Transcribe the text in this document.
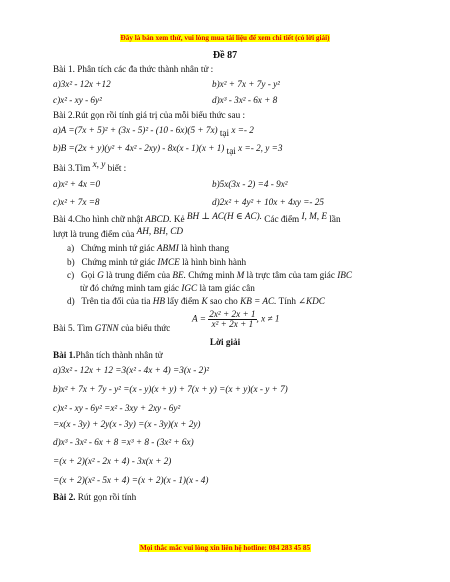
Đây là bản xem thử, vui lòng mua tài liệu để xem chi tiết (có lời giải)
Đề 87
Bài 1. Phân tích các đa thức thành nhân tử :
a)3x² - 12x +12	b)x² + 7x + 7y - y²
c)x² - xy - 6y²	d)x³ - 3x² - 6x + 8
Bài 2.Rút gọn rồi tính giá trị của mỗi biểu thức sau :
a)A =(7x + 5)² + (3x - 5)² - (10 - 6x)(5 + 7x) tại x =- 2
b)B =(2x + y)(y² + 4x² - 2xy) - 8x(x - 1)(x + 1) tại x =- 2, y =3
Bài 3.Tìm x, y biết :
a)x² + 4x =0	b)5x(3x - 2) =4 - 9x²
c)x² + 7x =8	d)2x² + 4y² + 10x + 4xy =- 25
Bài 4.Cho hình chữ nhật ABCD. Kẻ BH ⊥ AC(H ∈ AC). Các điểm I, M, E lần
lượt là trung điểm của AH, BH, CD
a) Chứng minh tứ giác ABMI là hình thang
b) Chứng minh tứ giác IMCE là hình bình hành
c) Gọi G là trung điểm của BE. Chứng minh M là trực tâm của tam giác IBC
từ đó chứng minh tam giác IGC là tam giác cân
d) Trên tia đối của tia HB lấy điểm K sao cho KB = AC. Tính ∠KDC
Bài 5. Tìm GTNN của biểu thức
$A = \frac{\text{2x² + 2x + 1}}{\text{x² + 2x + 1}}$ , x ≠ 1
Lời giải
Bài 1.Phân tích thành nhân tử
a)3x² - 12x + 12 =3(x² - 4x + 4) =3(x - 2)²
b)x² + 7x + 7y - y² =(x - y)(x + y) + 7(x + y) =(x + y)(x - y + 7)
c)x² - xy - 6y² =x² - 3xy + 2xy - 6y²
=x(x - 3y) + 2y(x - 3y) =(x - 3y)(x + 2y)
d)x³ - 3x² - 6x + 8 =x³ + 8 - (3x² + 6x)
=(x + 2)(x² - 2x + 4) - 3x(x + 2)
=(x + 2)(x² - 5x + 4) =(x + 2)(x - 1)(x - 4)
Bài 2. Rút gọn rồi tính
Mọi thắc mắc vui lòng xin liên hệ hotline: 084 283 45 85
